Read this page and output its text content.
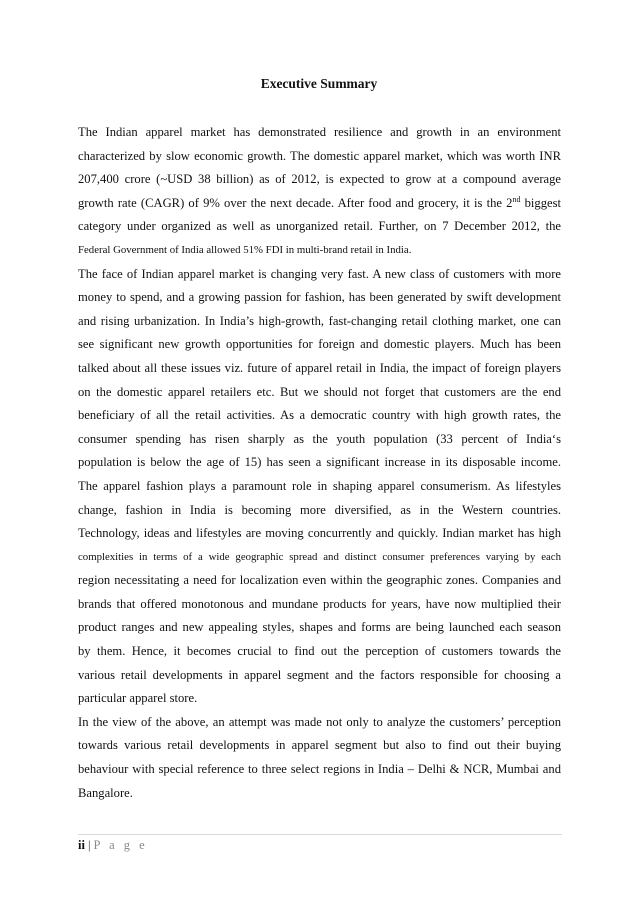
Executive Summary
The Indian apparel market has demonstrated resilience and growth in an environment
characterized by slow economic growth. The domestic apparel market, which was worth INR
207,400 crore (~USD 38 billion) as of 2012, is expected to grow at a compound average
growth rate (CAGR) of 9% over the next decade. After food and grocery, it is the 2nd biggest
category under organized as well as unorganized retail. Further, on 7 December 2012, the
Federal Government of India allowed 51% FDI in multi-brand retail in India.
The face of Indian apparel market is changing very fast. A new class of customers with more
money to spend, and a growing passion for fashion, has been generated by swift development
and rising urbanization. In India’s high-growth, fast-changing retail clothing market, one can
see significant new growth opportunities for foreign and domestic players. Much has been
talked about all these issues viz. future of apparel retail in India, the impact of foreign players
on the domestic apparel retailers etc. But we should not forget that customers are the end
beneficiary of all the retail activities. As a democratic country with high growth rates, the
consumer spending has risen sharply as the youth population (33 percent of India‘s
population is below the age of 15) has seen a significant increase in its disposable income.
The apparel fashion plays a paramount role in shaping apparel consumerism. As lifestyles
change, fashion in India is becoming more diversified, as in the Western countries.
Technology, ideas and lifestyles are moving concurrently and quickly. Indian market has high
complexities in terms of a wide geographic spread and distinct consumer preferences varying by each
region necessitating a need for localization even within the geographic zones. Companies and
brands that offered monotonous and mundane products for years, have now multiplied their
product ranges and new appealing styles, shapes and forms are being launched each season
by them. Hence, it becomes crucial to find out the perception of customers towards the
various retail developments in apparel segment and the factors responsible for choosing a
particular apparel store.
In the view of the above, an attempt was made not only to analyze the customers’ perception
towards various retail developments in apparel segment but also to find out their buying
behaviour with special reference to three select regions in India – Delhi & NCR, Mumbai and
Bangalore.
ii | P a g e
